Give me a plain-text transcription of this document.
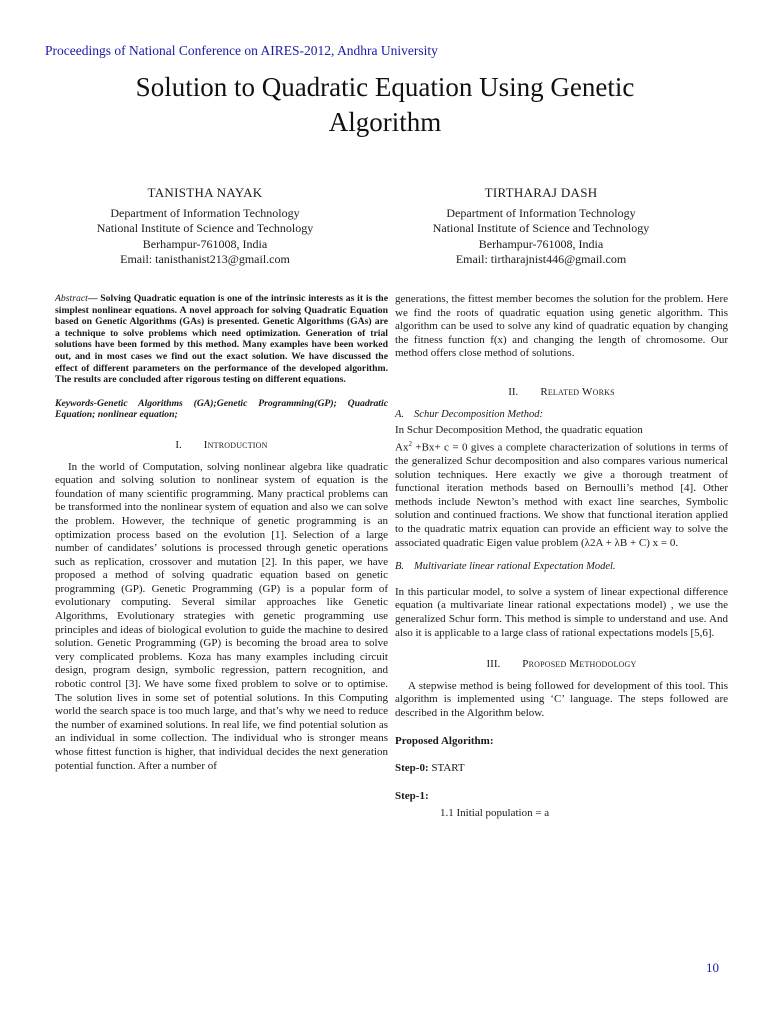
Proceedings of National Conference on AIRES-2012, Andhra University
Solution to Quadratic Equation Using Genetic
Algorithm
TANISTHA NAYAK
Department of Information Technology
National Institute of Science and Technology
Berhampur-761008, India
Email: tanisthanist213@gmail.com
TIRTHARAJ DASH
Department of Information Technology
National Institute of Science and Technology
Berhampur-761008, India
Email: tirtharajnist446@gmail.com

Abstract— Solving Quadratic equation is one of the intrinsic interests as it is the simplest nonlinear equations. A novel approach for solving Quadratic Equation based on Genetic Algorithms (GAs) is presented. Genetic Algorithms (GAs) are a technique to solve problems which need optimization. Generation of trial solutions have been formed by this method. Many examples have been worked out, and in most cases we find out the exact solution. We have discussed the effect of different parameters on the performance of the developed algorithm. The results are concluded after rigorous testing on different equations.

Keywords-Genetic Algorithms (GA);Genetic Programming(GP); Quadratic Equation; nonlinear equation;

I. Introduction

In the world of Computation, solving nonlinear algebra like quadratic equation and solving solution to nonlinear system of equation is the foundation of many scientific programming. Many practical problems can be transformed into the nonlinear system of equation and also we can solve the problem. However, the technique of genetic programming is an optimization process based on the evolution [1]. Selection of a large number of candidates’ solutions is processed through genetic operations such as replication, crossover and mutation [2]. In this paper, we have proposed a method of solving quadratic equation based on genetic programming (GP). Genetic Programming (GP) is a popular form of evolutionary computing. Several similar approaches like Genetic Algorithms, Evolutionary strategies with genetic programming use principles and ideas of biological evolution to guide the machine to desired solution. Genetic Programming (GP) is becoming the broad area to solve very complicated problems. Koza has many examples including circuit design, program design, symbolic regression, pattern recognition, and robotic control [3]. We have some fixed problem to solve or to optimise. The solution lives in some set of potential solutions. In this Computing world the search space is too much large, and that’s why we need to reduce the number of examined solutions. In real life, we find potential solution as an individual in some collection. The individual who is stronger means whose fittest function is higher, that individual decides the next generation potential function. After a number of

generations, the fittest member becomes the solution for the problem. Here we find the roots of quadratic equation using genetic algorithm. This algorithm can be used to solve any kind of quadratic equation by changing the fitness function f(x) and changing the length of chromosome. Our method offers close method of solutions.

II. Related Works
A. Schur Decomposition Method:

In Schur Decomposition Method, the quadratic equation

$Ax^2 +Bx+ c = 0$ gives a complete characterization of solutions in terms of the generalized Schur decomposition and also compares various numerical solution techniques. Here exactly we give a thorough treatment of functional iteration methods based on Bernoulli’s method [4]. Other methods include Newton’s method with exact line searches, Symbolic solution and continued fractions. We show that functional iteration applied to the quadratic matrix equation can provide an efficient way to solve the associated quadratic Eigen value problem (λ2A + λB + C) x = 0.

B. Multivariate linear rational Expectation Model.

In this particular model, to solve a system of linear expectional difference equation (a multivariate linear rational expectations model) , we use the generalized Schur form. This method is simple to understand and use. And also it is applicable to a large class of rational expectations models [5,6].

III. Proposed Methodology

A stepwise method is being followed for development of this tool. This algorithm is implemented using ‘C’ language. The steps followed are described in the Algorithm below.

Proposed Algorithm:

Step-0: START

Step-1:

1.1 Initial population = a

10
